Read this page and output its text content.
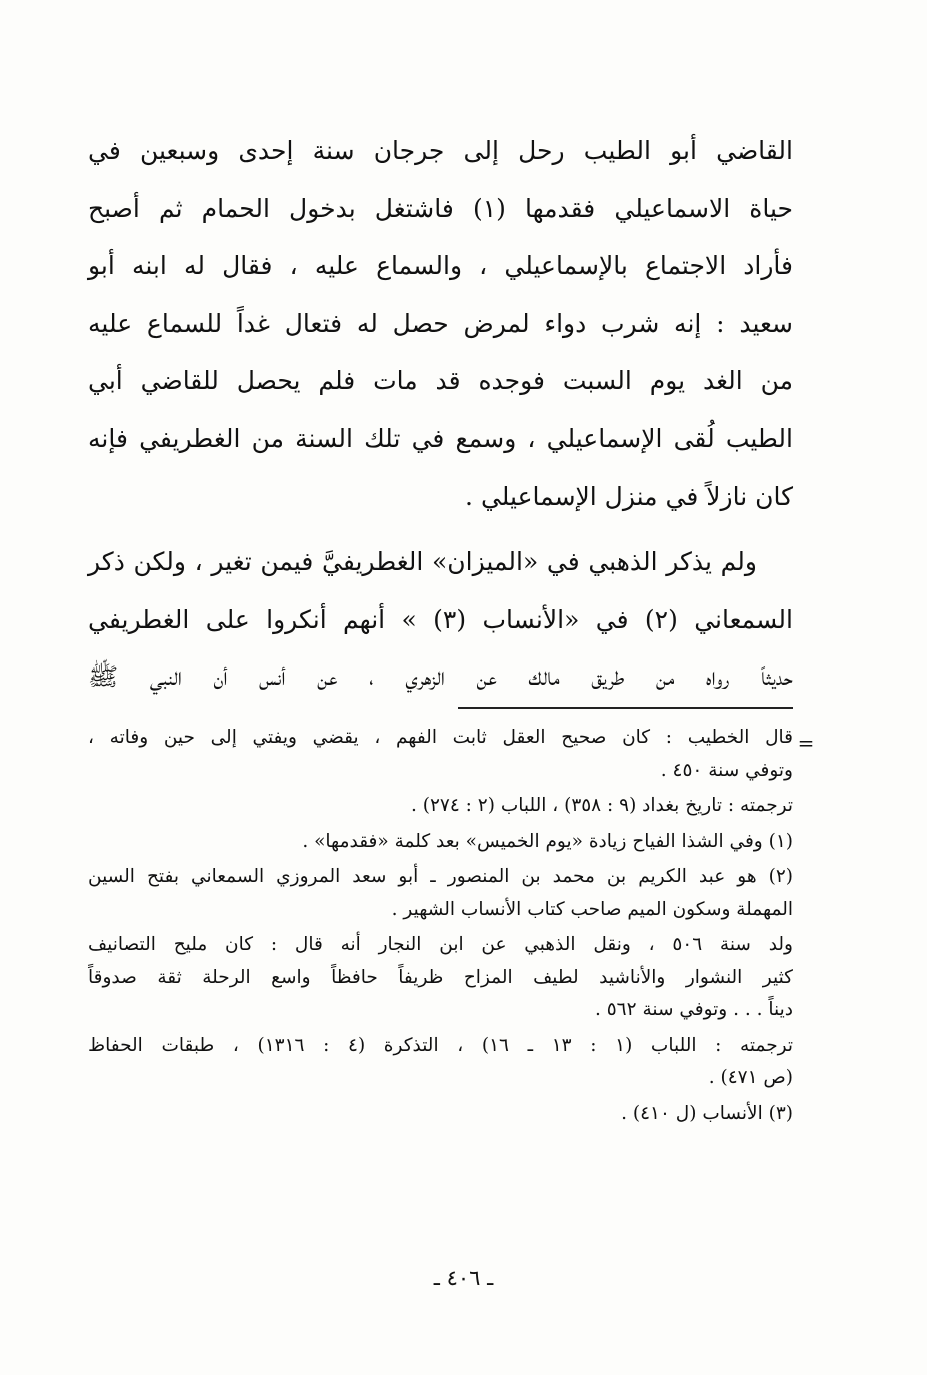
القاضي أبو الطيب رحل إلى جرجان سنة إحدى وسبعين في
حياة الاسماعيلي فقدمها (١) فاشتغل بدخول الحمام ثم أصبح
فأراد الاجتماع بالإسماعيلي ، والسماع عليه ، فقال له ابنه أبو
سعيد : إنه شرب دواء لمرض حصل له فتعال غداً للسماع عليه
من الغد يوم السبت فوجده قد مات فلم يحصل للقاضي أبي
الطيب لُقى الإسماعيلي ، وسمع في تلك السنة من الغطريفي فإنه
كان نازلاً في منزل الإسماعيلي .

ولم يذكر الذهبي في «الميزان» الغطريفيَّ فيمن تغير ، ولكن ذكر
السمعاني (٢) في «الأنساب (٣) » أنهم أنكروا على الغطريفي
حديثاً رواه من طريق مالك عن الزهري ، عن أنس أن النبي ﷺ

=
قال الخطيب : كان صحيح العقل ثابت الفهم ، يقضي ويفتي إلى حين وفاته ،
وتوفي سنة ٤٥٠ .
ترجمته : تاريخ بغداد (٩ : ٣٥٨) ، اللباب (٢ : ٢٧٤) .
(١) وفي الشذا الفياح زيادة «يوم الخميس» بعد كلمة «فقدمها» .
(٢) هو عبد الكريم بن محمد بن المنصور ـ أبو سعد المروزي السمعاني بفتح السين
المهملة وسكون الميم صاحب كتاب الأنساب الشهير .
ولد سنة ٥٠٦ ، ونقل الذهبي عن ابن النجار أنه قال : كان مليح التصانيف
كثير النشوار والأناشيد لطيف المزاح ظريفاً حافظاً واسع الرحلة ثقة صدوقاً
ديناً . . . وتوفي سنة ٥٦٢ .
ترجمته : اللباب (١ : ١٣ ـ ١٦) ، التذكرة (٤ : ١٣١٦) ، طبقات الحفاظ
(ص ٤٧١) .
(٣) الأنساب (ل ٤١٠) .
ـ ٤٠٦ ـ
